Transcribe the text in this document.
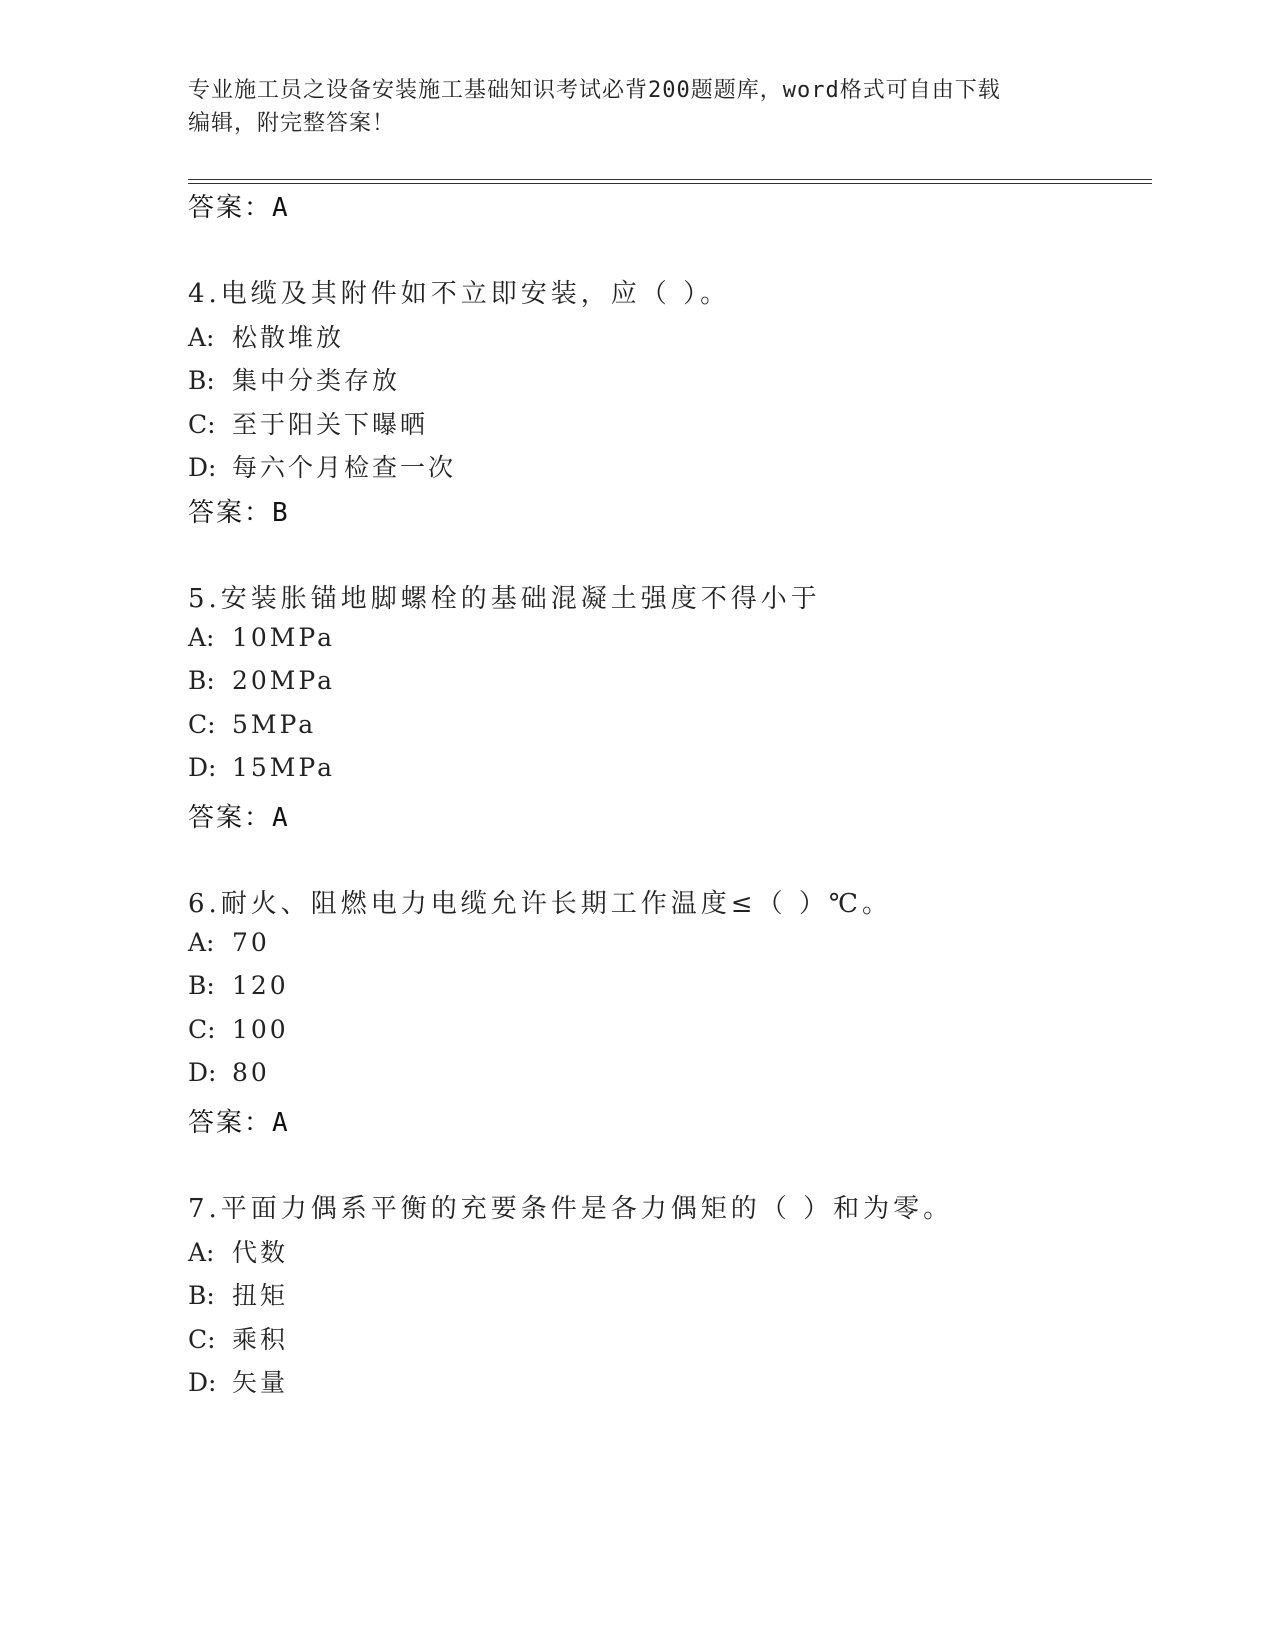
专业施工员之设备安装施工基础知识考试必背200题题库，word格式可自由下载
编辑，附完整答案！
答案：A
4.电缆及其附件如不立即安装，应（ ）。
A: 松散堆放
B: 集中分类存放
C: 至于阳关下曝晒
D: 每六个月检查一次
答案：B
5.安装胀锚地脚螺栓的基础混凝土强度不得小于
A: 10MPa
B: 20MPa
C: 5MPa
D: 15MPa
答案：A
6.耐火、阻燃电力电缆允许长期工作温度≤（ ）℃。
A: 70
B: 120
C: 100
D: 80
答案：A
7.平面力偶系平衡的充要条件是各力偶矩的（ ）和为零。
A: 代数
B: 扭矩
C: 乘积
D: 矢量
